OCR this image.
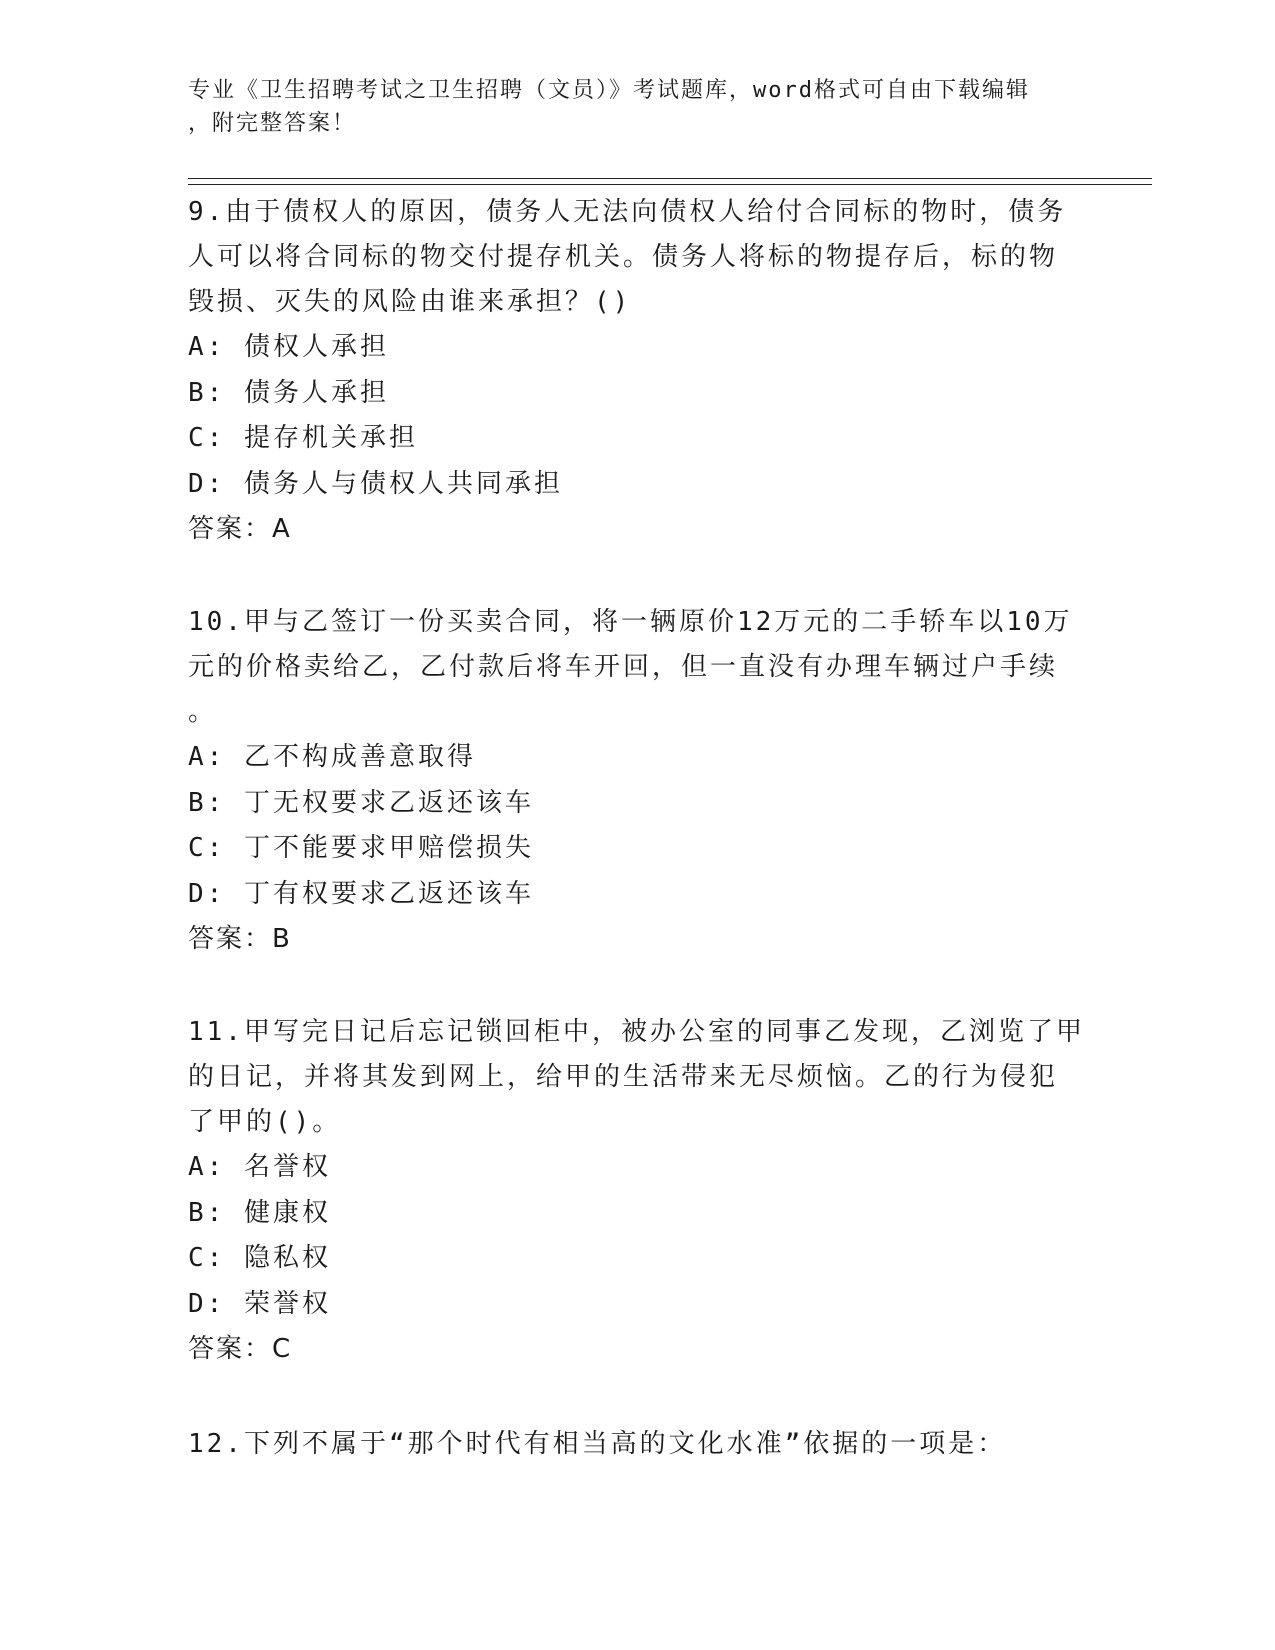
专业《卫生招聘考试之卫生招聘（文员）》考试题库，word格式可自由下载编辑
，附完整答案！
9.由于债权人的原因，债务人无法向债权人给付合同标的物时，债务
人可以将合同标的物交付提存机关。债务人将标的物提存后，标的物
毁损、灭失的风险由谁来承担？()
A: 债权人承担
B: 债务人承担
C: 提存机关承担
D: 债务人与债权人共同承担
答案：A
10.甲与乙签订一份买卖合同，将一辆原价12万元的二手轿车以10万
元的价格卖给乙，乙付款后将车开回，但一直没有办理车辆过户手续
。
A: 乙不构成善意取得
B: 丁无权要求乙返还该车
C: 丁不能要求甲赔偿损失
D: 丁有权要求乙返还该车
答案：B
11.甲写完日记后忘记锁回柜中，被办公室的同事乙发现，乙浏览了甲
的日记，并将其发到网上，给甲的生活带来无尽烦恼。乙的行为侵犯
了甲的()。
A: 名誉权
B: 健康权
C: 隐私权
D: 荣誉权
答案：C
12.下列不属于“那个时代有相当高的文化水准”依据的一项是：
